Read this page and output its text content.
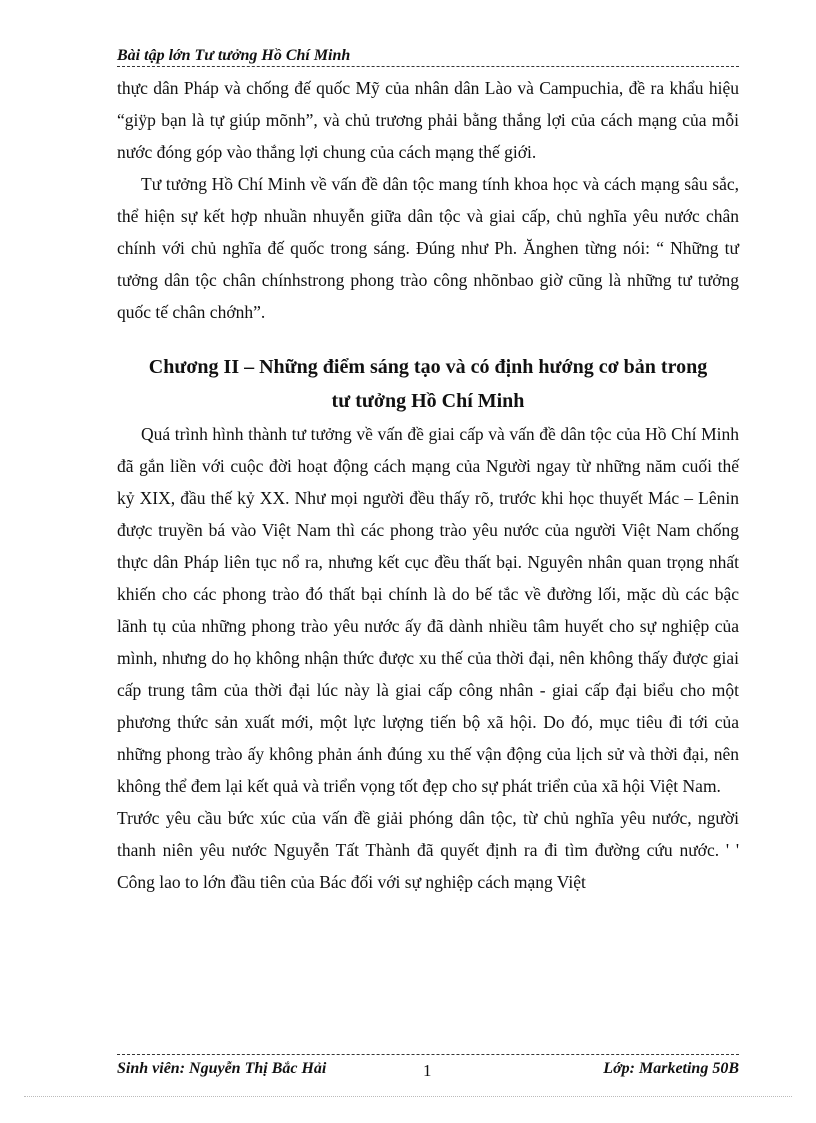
Bài tập lớn Tư tưởng Hồ Chí Minh

thực dân Pháp và chống đế quốc Mỹ của nhân dân Lào và Campuchia, đề ra khẩu hiệu “giÿp bạn là tự giúp mõnh”, và chủ trương phải bằng thắng lợi của cách mạng của mỗi nước đóng góp vào thắng lợi chung của cách mạng thế giới.

Tư tưởng Hồ Chí Minh về vấn đề dân tộc mang tính khoa học và cách mạng sâu sắc, thể hiện sự kết hợp nhuần nhuyễn giữa dân tộc và giai cấp, chủ nghĩa yêu nước chân chính với chủ nghĩa đế quốc trong sáng. Đúng như Ph. Ănghen từng nói: “ Những tư tưởng dân tộc chân chínhstrong phong trào công nhõnbao giờ cũng là những tư tưởng quốc tế chân chớnh”.

Chương II – Những điểm sáng tạo và có định hướng cơ bản trong
tư tưởng Hồ Chí Minh

Quá trình hình thành tư tưởng về vấn đề giai cấp và vấn đề dân tộc của Hồ Chí Minh đã gắn liền với cuộc đời hoạt động cách mạng của Người ngay từ những năm cuối thế kỷ XIX, đầu thế kỷ XX. Như mọi người đều thấy rõ, trước khi học thuyết Mác – Lênin được truyền bá vào Việt Nam thì các phong trào yêu nước của người Việt Nam chống thực dân Pháp liên tục nổ ra, nhưng kết cục đều thất bại. Nguyên nhân quan trọng nhất khiến cho các phong trào đó thất bại chính là do bế tắc về đường lối, mặc dù các bậc lãnh tụ của những phong trào yêu nước ấy đã dành nhiều tâm huyết cho sự nghiệp của mình, nhưng do họ không nhận thức được xu thế của thời đại, nên không thấy được giai cấp trung tâm của thời đại lúc này là giai cấp công nhân - giai cấp đại biểu cho một phương thức sản xuất mới, một lực lượng tiến bộ xã hội. Do đó, mục tiêu đi tới của những phong trào ấy không phản ánh đúng xu thế vận động của lịch sử và thời đại, nên không thể đem lại kết quả và triển vọng tốt đẹp cho sự phát triển của xã hội Việt Nam.

Trước yêu cầu bức xúc của vấn đề giải phóng dân tộc, từ chủ nghĩa yêu nước, người thanh niên yêu nước Nguyễn Tất Thành đã quyết định ra đi tìm đường cứu nước. ' ' Công lao to lớn đầu tiên của Bác đối với sự nghiệp cách mạng Việt

Sinh viên: Nguyễn Thị Bắc Hải	1	Lớp: Marketing 50B
